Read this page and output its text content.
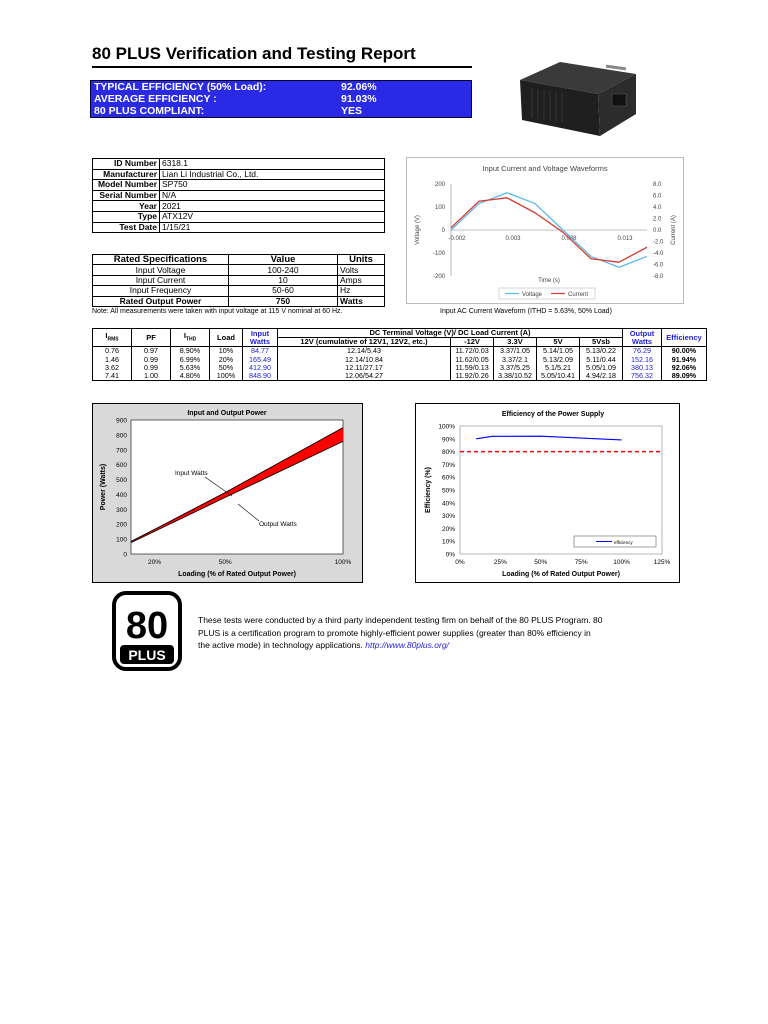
80 PLUS Verification and Testing Report
TYPICAL EFFICIENCY (50% Load):	92.06%
AVERAGE EFFICIENCY :	91.03%
80 PLUS COMPLIANT:	YES
ID Number	6318.1
Manufacturer	Lian Li Industrial Co., Ltd.
Model Number	SP750
Serial Number	N/A
Year	2021
Type	ATX12V
Test Date	1/15/21
Rated Specifications	Value	Units
Input Voltage	100-240	Volts
Input Current	10	Amps
Input Frequency	50-60	Hz
Rated Output Power	750	Watts
Note: All measurements were taken with input voltage at 115 V nominal at 60 Hz.
Input Current and Voltage Waveforms
200
100
0
-100
-200
8.0
6.0
4.0
2.0
0.0
-2.0
-4.0
-6.0
-8.0
-0.002	0.003	0.008	0.013
Voltage (V)	Current (A)
Time (s)
Voltage	Current
Input AC Current Waveform (ITHD = 5.63%, 50% Load)
$I_{RMS}$	PF	$I_{THD}$	Load	Input Watts	DC Terminal Voltage (V)/ DC Load Current (A)					Output Watts	Efficiency
					12V (cumulative of 12V1, 12V2, etc.)	-12V	3.3V	5V	5Vsb		
0.76	0.97	8.90%	10%	84.77	12.14/5.43	11.72/0.03	3.37/1.05	5.14/1.05	5.13/0.22	76.29	90.00%
1.46	0.99	6.99%	20%	165.49	12.14/10.84	11.62/0.05	3.37/2.1	5.13/2.09	5.11/0.44	152.16	91.94%
3.62	0.99	5.63%	50%	412.90	12.11/27.17	11.59/0.13	3.37/5.25	5.1/5.21	5.05/1.09	380.13	92.06%
7.41	1.00	4.80%	100%	848.90	12.06/54.27	11.92/0.26	3.38/10.52	5.05/10.41	4.94/2.18	756.32	89.09%
Input and Output Power
0
100
200
300
400
500
600
700
800
900
20%	50%	100%
Power (Watts)
Loading (% of Rated Output Power)
Input Watts
Output Watts
Efficiency of the Power Supply
0%
10%
20%
30%
40%
50%
60%
70%
80%
90%
100%
0%	25%	50%	75%	100%	125%
Efficiency (%)
Loading (% of Rated Output Power)
efficiency
80
PLUS
These tests were conducted by a third party independent testing firm on behalf of the 80 PLUS Program. 80 PLUS is a certification program to promote highly-efficient power supplies (greater than 80% efficiency in the active mode) in technology applications. http://www.80plus.org/
